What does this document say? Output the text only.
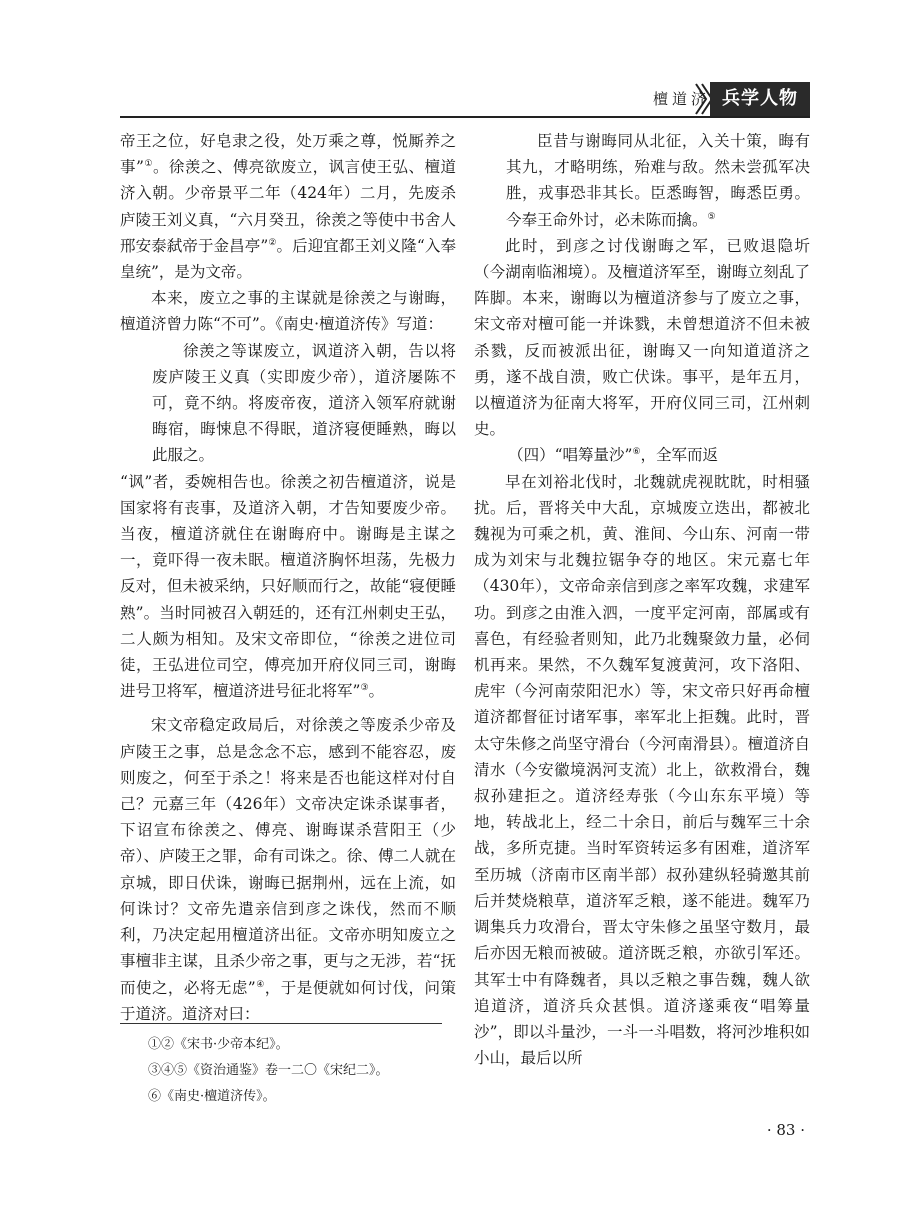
檀道济 兵学人物

帝王之位，好皂隶之役，处万乘之尊，悦厮养之事”①。徐羡之、傅亮欲废立，讽言使王弘、檀道济入朝。少帝景平二年（424年）二月，先废杀庐陵王刘义真，“六月癸丑，徐羡之等使中书舍人邢安泰弑帝于金昌亭”②。后迎宜都王刘义隆“入奉皇统”，是为文帝。

本来，废立之事的主谋就是徐羡之与谢晦，檀道济曾力陈“不可”。《南史·檀道济传》写道：

徐羡之等谋废立，讽道济入朝，告以将废庐陵王义真（实即废少帝），道济屡陈不可，竟不纳。将废帝夜，道济入领军府就谢晦宿，晦悚息不得眠，道济寝便睡熟，晦以此服之。

“讽”者，委婉相告也。徐羡之初告檀道济，说是国家将有丧事，及道济入朝，才告知要废少帝。当夜，檀道济就住在谢晦府中。谢晦是主谋之一，竟吓得一夜未眠。檀道济胸怀坦荡，先极力反对，但未被采纳，只好顺而行之，故能“寝便睡熟”。当时同被召入朝廷的，还有江州刺史王弘，二人颇为相知。及宋文帝即位，“徐羡之进位司徒，王弘进位司空，傅亮加开府仪同三司，谢晦进号卫将军，檀道济进号征北将军”③。

宋文帝稳定政局后，对徐羡之等废杀少帝及庐陵王之事，总是念念不忘，感到不能容忍，废则废之，何至于杀之！将来是否也能这样对付自己？元嘉三年（426年）文帝决定诛杀谋事者，下诏宣布徐羡之、傅亮、谢晦谋杀营阳王（少帝）、庐陵王之罪，命有司诛之。徐、傅二人就在京城，即日伏诛，谢晦已据荆州，远在上流，如何诛讨？文帝先遣亲信到彦之诛伐，然而不顺利，乃决定起用檀道济出征。文帝亦明知废立之事檀非主谋，且杀少帝之事，更与之无涉，若“抚而使之，必将无虑”④，于是便就如何讨伐，问策于道济。道济对曰：

臣昔与谢晦同从北征，入关十策，晦有其九，才略明练，殆难与敌。然未尝孤军决胜，戎事恐非其长。臣悉晦智，晦悉臣勇。今奉王命外讨，必未陈而擒。⑤

此时，到彦之讨伐谢晦之军，已败退隐圻（今湖南临湘境）。及檀道济军至，谢晦立刻乱了阵脚。本来，谢晦以为檀道济参与了废立之事，宋文帝对檀可能一并诛戮，未曾想道济不但未被杀戮，反而被派出征，谢晦又一向知道道济之勇，遂不战自溃，败亡伏诛。事平，是年五月，以檀道济为征南大将军，开府仪同三司，江州刺史。

（四）“唱筹量沙”⑥，全军而返

早在刘裕北伐时，北魏就虎视眈眈，时相骚扰。后，晋将关中大乱，京城废立迭出，都被北魏视为可乘之机，黄、淮间、今山东、河南一带成为刘宋与北魏拉锯争夺的地区。宋元嘉七年（430年），文帝命亲信到彦之率军攻魏，求建军功。到彦之由淮入泗，一度平定河南，部属或有喜色，有经验者则知，此乃北魏聚敛力量，必伺机再来。果然，不久魏军复渡黄河，攻下洛阳、虎牢（今河南荥阳汜水）等，宋文帝只好再命檀道济都督征讨诸军事，率军北上拒魏。此时，晋太守朱修之尚坚守滑台（今河南滑县）。檀道济自清水（今安徽境涡河支流）北上，欲救滑台，魏叔孙建拒之。道济经寿张（今山东东平境）等地，转战北上，经二十余日，前后与魏军三十余战，多所克捷。当时军资转运多有困难，道济军至历城（济南市区南半部）叔孙建纵轻骑邀其前后并焚烧粮草，道济军乏粮，遂不能进。魏军乃调集兵力攻滑台，晋太守朱修之虽坚守数月，最后亦因无粮而被破。道济既乏粮，亦欲引军还。其军士中有降魏者，具以乏粮之事告魏，魏人欲追道济，道济兵众甚惧。道济遂乘夜“唱筹量沙”，即以斗量沙，一斗一斗唱数，将河沙堆积如小山，最后以所

①②《宋书·少帝本纪》。
③④⑤《资治通鉴》卷一二〇《宋纪二》。
⑥《南史·檀道济传》。
· 83 ·
